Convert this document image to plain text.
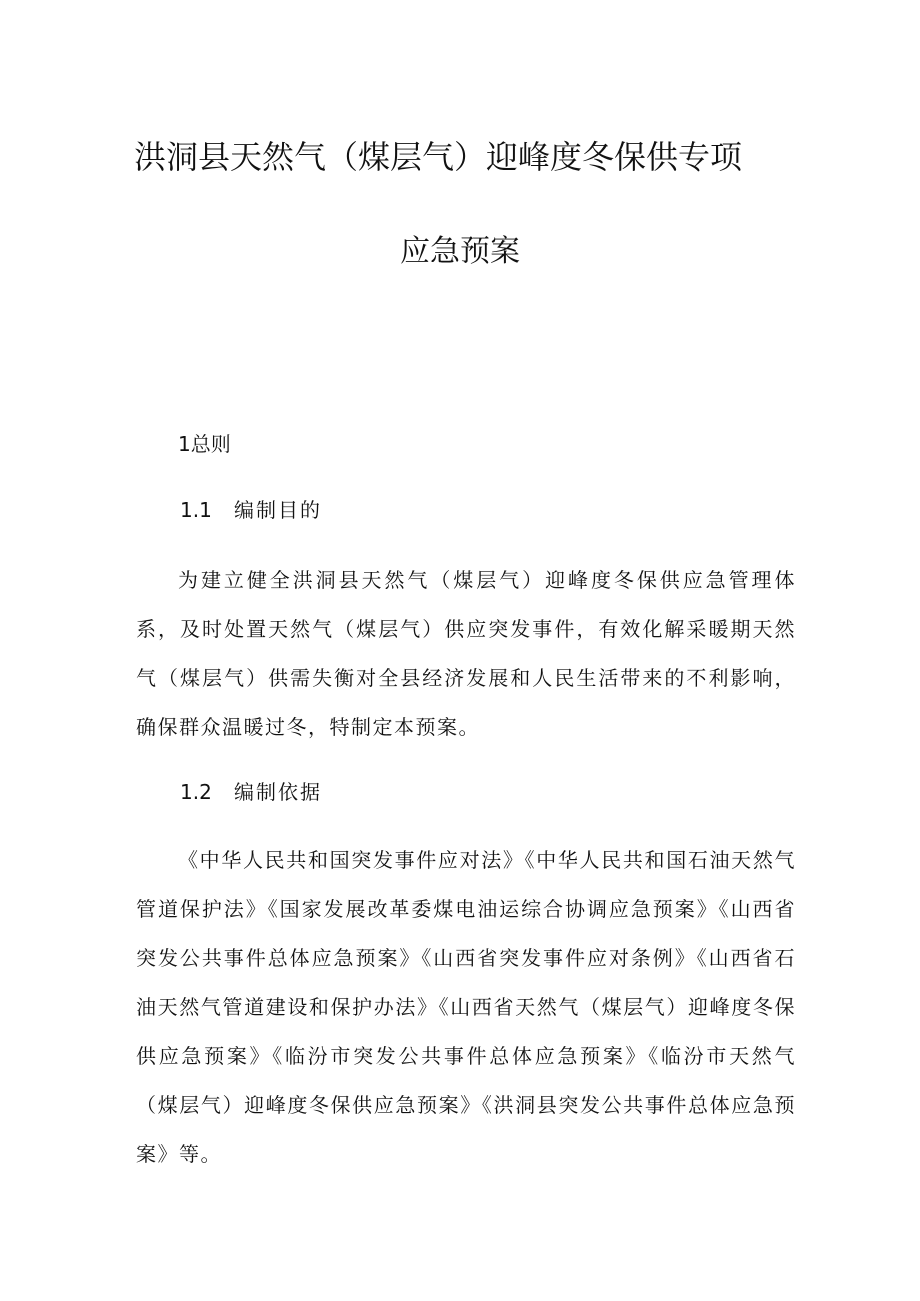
洪洞县天然气（煤层气）迎峰度冬保供专项
应急预案
1总则
1.1 编制目的
为建立健全洪洞县天然气（煤层气）迎峰度冬保供应急管理体系，及时处置天然气（煤层气）供应突发事件，有效化解采暖期天然气（煤层气）供需失衡对全县经济发展和人民生活带来的不利影响，确保群众温暖过冬，特制定本预案。
1.2 编制依据
《中华人民共和国突发事件应对法》《中华人民共和国石油天然气管道保护法》《国家发展改革委煤电油运综合协调应急预案》《山西省突发公共事件总体应急预案》《山西省突发事件应对条例》《山西省石油天然气管道建设和保护办法》《山西省天然气（煤层气）迎峰度冬保供应急预案》《临汾市突发公共事件总体应急预案》《临汾市天然气（煤层气）迎峰度冬保供应急预案》《洪洞县突发公共事件总体应急预案》等。
